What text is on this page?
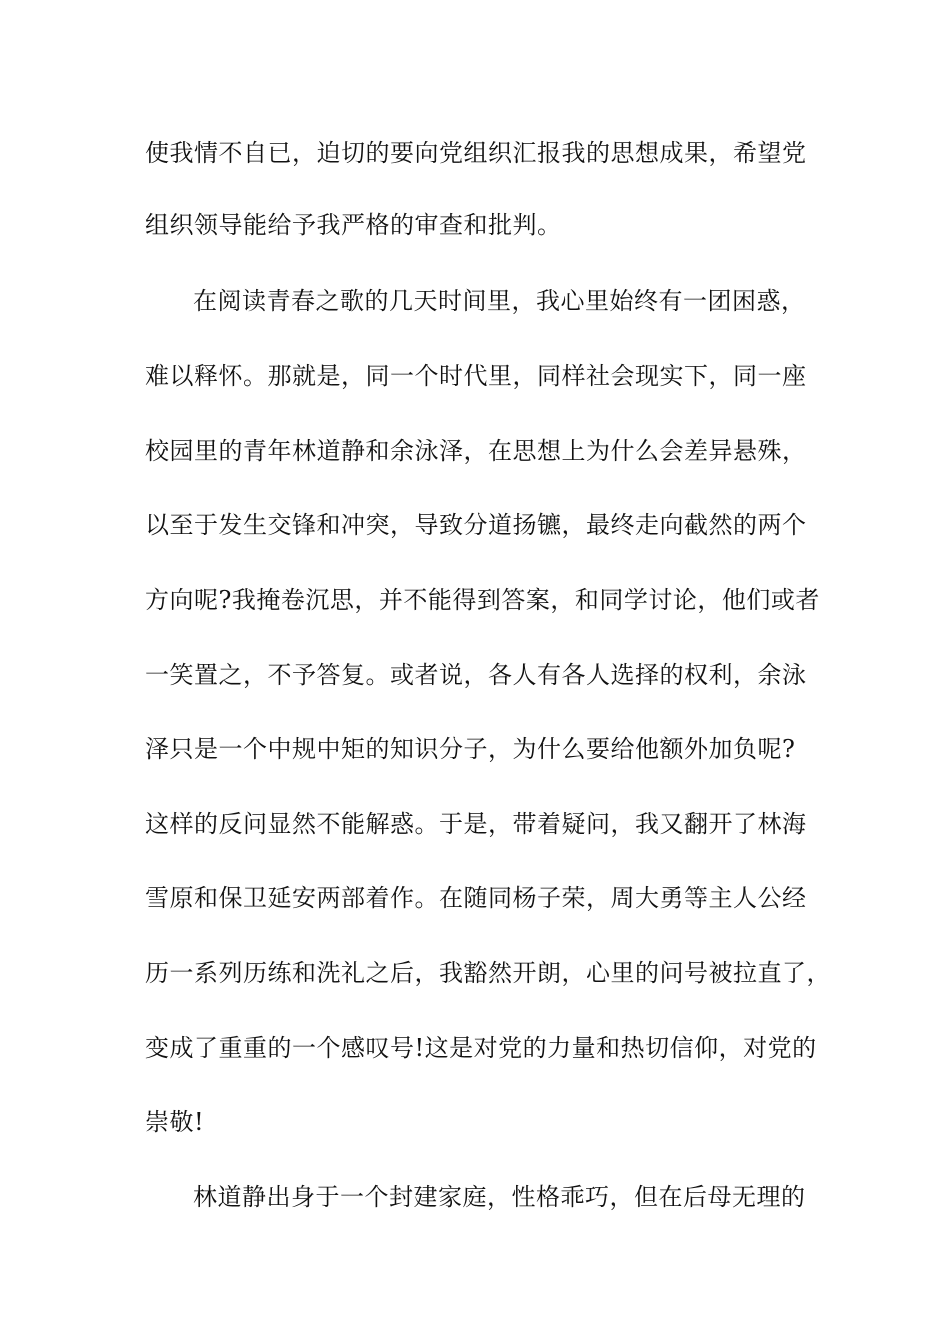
使我情不自已，迫切的要向党组织汇报我的思想成果，希望党
组织领导能给予我严格的审查和批判。
在阅读青春之歌的几天时间里，我心里始终有一团困惑，
难以释怀。那就是，同一个时代里，同样社会现实下，同一座
校园里的青年林道静和余泳泽，在思想上为什么会差异悬殊，
以至于发生交锋和冲突，导致分道扬镳，最终走向截然的两个
方向呢?我掩卷沉思，并不能得到答案，和同学讨论，他们或者
一笑置之，不予答复。或者说，各人有各人选择的权利，余泳
泽只是一个中规中矩的知识分子，为什么要给他额外加负呢?
这样的反问显然不能解惑。于是，带着疑问，我又翻开了林海
雪原和保卫延安两部着作。在随同杨子荣，周大勇等主人公经
历一系列历练和洗礼之后，我豁然开朗，心里的问号被拉直了，
变成了重重的一个感叹号!这是对党的力量和热切信仰，对党的
崇敬!
林道静出身于一个封建家庭，性格乖巧，但在后母无理的
